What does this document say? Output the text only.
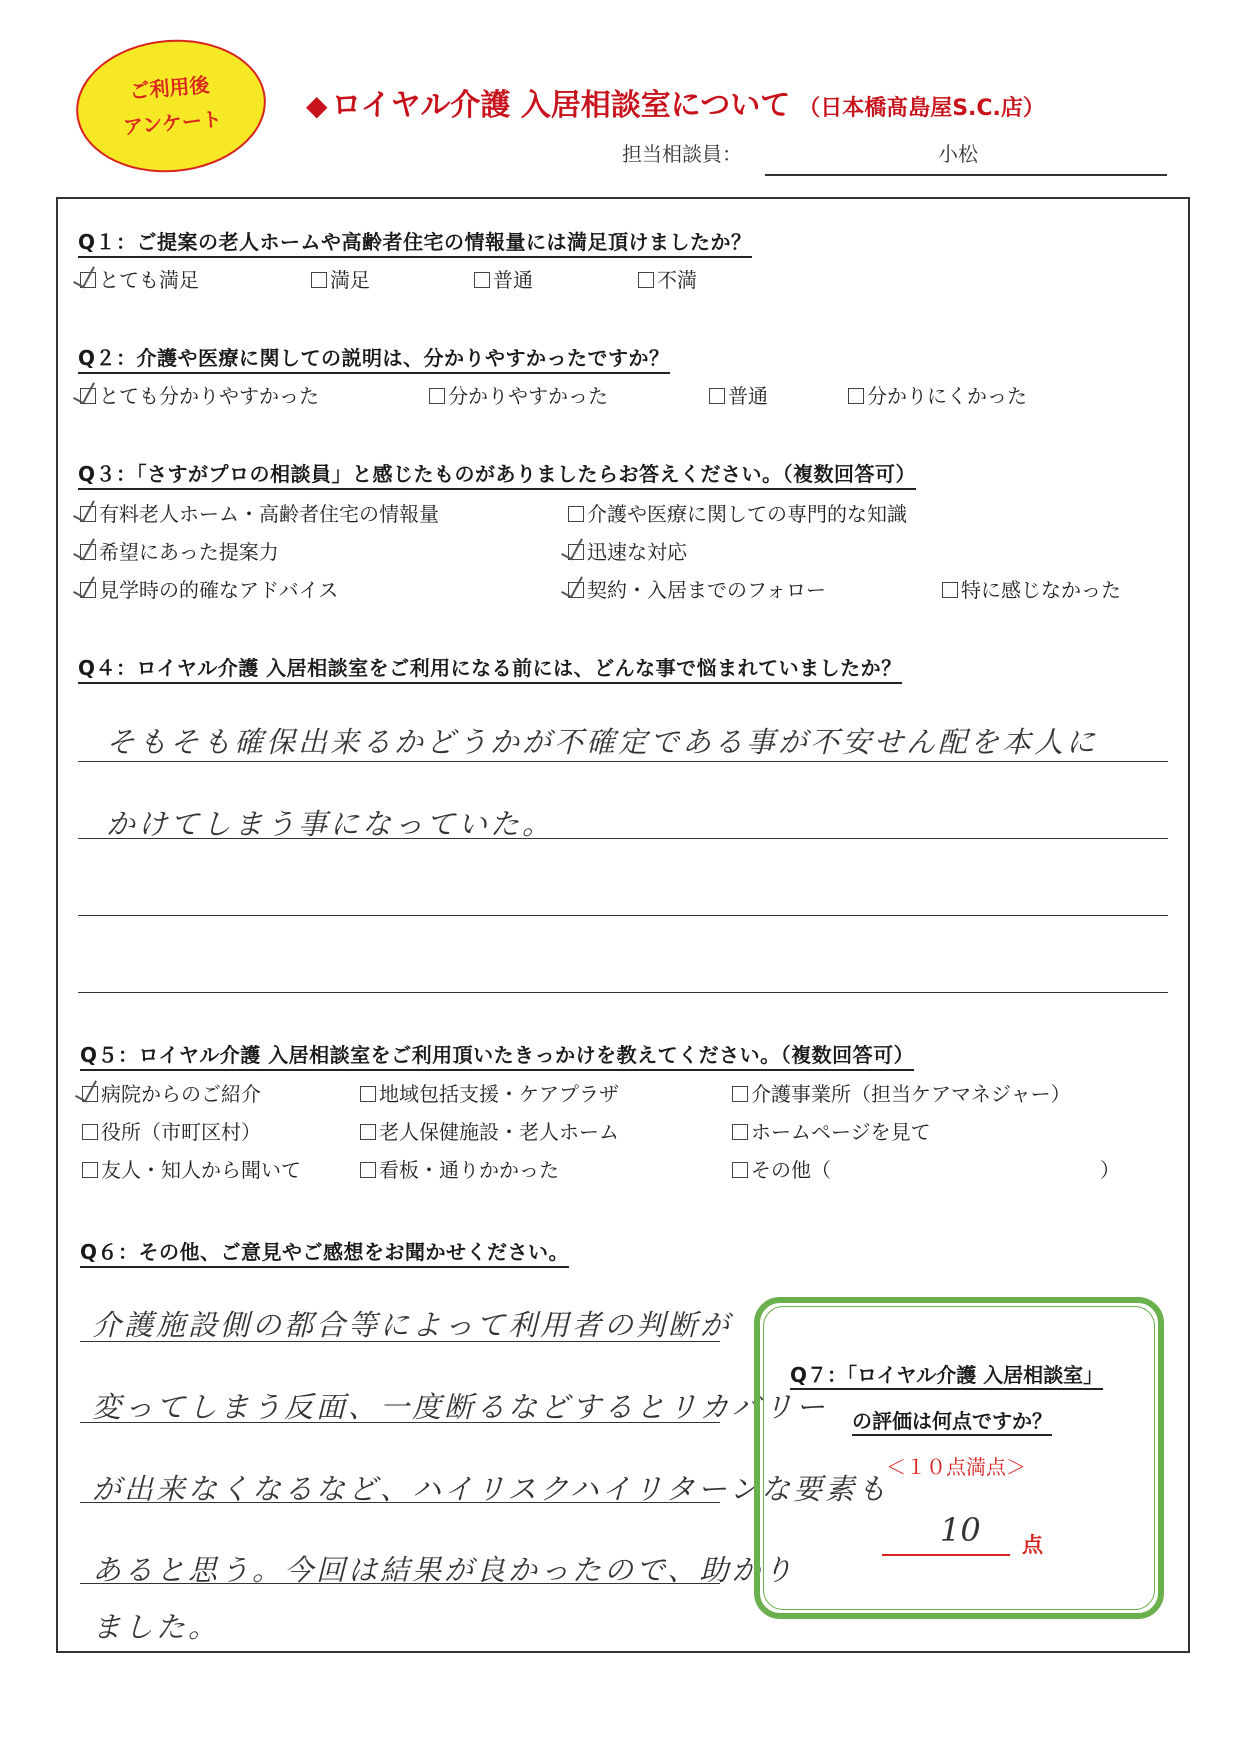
ご利用後
アンケート
◆ ロイヤル介護 入居相談室について （日本橋髙島屋S.C.店）
担当相談員：	小松
Q１：ご提案の老人ホームや高齢者住宅の情報量には満足頂けましたか？
とても満足	満足	普通	不満
Q２：介護や医療に関しての説明は、分かりやすかったですか？
とても分かりやすかった	分かりやすかった	普通	分かりにくかった
Q３：「さすがプロの相談員」と感じたものがありましたらお答えください。（複数回答可）
有料老人ホーム・高齢者住宅の情報量	介護や医療に関しての専門的な知識
希望にあった提案力	迅速な対応
見学時の的確なアドバイス	契約・入居までのフォロー	特に感じなかった
Q４：ロイヤル介護 入居相談室をご利用になる前には、どんな事で悩まれていましたか？
そもそも確保出来るかどうかが不確定である事が不安せん配を本人に
かけてしまう事になっていた。
Q５：ロイヤル介護 入居相談室をご利用頂いたきっかけを教えてください。（複数回答可）
病院からのご紹介	地域包括支援・ケアプラザ	介護事業所（担当ケアマネジャー）
役所（市町区村）	老人保健施設・老人ホーム	ホームページを見て
友人・知人から聞いて	看板・通りかかった	その他（	）
Q６：その他、ご意見やご感想をお聞かせください。
介護施設側の都合等によって利用者の判断が
変ってしまう反面、一度断るなどするとリカバリー
が出来なくなるなど、ハイリスクハイリターンな要素も
あると思う。今回は結果が良かったので、助かり
ました。
Q７：「ロイヤル介護 入居相談室」
の評価は何点ですか？
＜１０点満点＞
10 点
